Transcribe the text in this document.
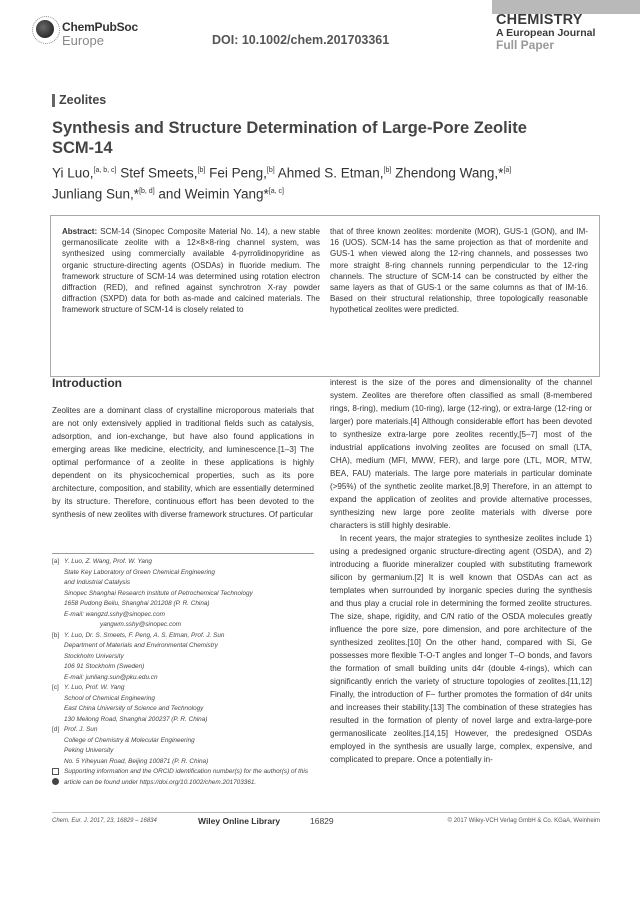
ChemPubSoc
Europe	DOI: 10.1002/chem.201703361
CHEMISTRY
A European Journal
Full Paper
Zeolites
Synthesis and Structure Determination of Large-Pore Zeolite SCM-14
Yi Luo,[a, b, c] Stef Smeets,[b] Fei Peng,[b] Ahmed S. Etman,[b] Zhendong Wang,*[a]
Junliang Sun,*[b, d] and Weimin Yang*[a, c]
Abstract: SCM-14 (Sinopec Composite Material No. 14), a new stable germanosilicate zeolite with a 12×8×8-ring channel system, was synthesized using commercially available 4-pyrrolidinopyridine as organic structure-directing agents (OSDAs) in fluoride medium. The framework structure of SCM-14 was determined using rotation electron diffraction (RED), and refined against synchrotron X-ray powder diffraction (SXPD) data for both as-made and calcined materials. The framework structure of SCM-14 is closely related to
that of three known zeolites: mordenite (MOR), GUS-1 (GON), and IM-16 (UOS). SCM-14 has the same projection as that of mordenite and GUS-1 when viewed along the 12-ring channels, and possesses two more straight 8-ring channels running perpendicular to the 12-ring channels. The structure of SCM-14 can be constructed by either the same layers as that of GUS-1 or the same columns as that of IM-16. Based on their structural relationship, three topologically reasonable hypothetical zeolites were predicted.
Introduction
Zeolites are a dominant class of crystalline microporous materials that are not only extensively applied in traditional fields such as catalysis, adsorption, and ion-exchange, but have also found applications in emerging areas like medicine, electricity, and luminescence.[1–3] The optimal performance of a zeolite in these applications is highly dependent on its physicochemical properties, such as its pore architecture, composition, and stability, which are essentially determined by its structure. Therefore, continuous effort has been devoted to the synthesis of new zeolites with diverse framework structures. Of particular
interest is the size of the pores and dimensionality of the channel system. Zeolites are therefore often classified as small (8-membered rings, 8-ring), medium (10-ring), large (12-ring), or extra-large (12-ring or larger) pore materials.[4] Although considerable effort has been devoted to synthesize extra-large pore zeolites recently,[5–7] most of the industrial applications involving zeolites are focused on small (LTA, CHA), medium (MFI, MWW, FER), and large pore (LTL, MOR, MTW, BEA, FAU) materials. The large pore materials in particular dominate (>95%) of the synthetic zeolite market.[8,9] Therefore, in an attempt to expand the application of zeolites and provide alternative processes, synthesizing new large pore zeolite materials with diverse pore characters is still highly desirable.
In recent years, the major strategies to synthesize zeolites include 1) using a predesigned organic structure-directing agent (OSDA), and 2) introducing a fluoride mineralizer coupled with substituting framework silicon by germanium.[2] It is well known that OSDAs can act as templates when surrounded by inorganic species during the synthesis and thus play a crucial role in determining the formed zeolite structures. The size, shape, rigidity, and C/N ratio of the OSDA molecules greatly influence the pore size, pore dimension, and pore architecture of the synthesized zeolites.[10] On the other hand, compared with Si, Ge possesses more flexible T-O-T angles and longer T–O bonds, and favors the formation of small building units d4r (double 4-rings), which can significantly enrich the variety of structure topologies of zeolites.[11,12] Finally, the introduction of F− further promotes the formation of d4r units and increases their stability.[13] The combination of these strategies has resulted in the formation of plenty of novel large and extra-large-pore germanosilicate zeolites.[14,15] However, the predesigned OSDAs employed in the synthesis are usually large, complex, expensive, and complicated to prepare. Once a potentially in-
[a] Y. Luo, Z. Wang, Prof. W. Yang
State Key Laboratory of Green Chemical Engineering
and Industrial Catalysis
Sinopec Shanghai Research Institute of Petrochemical Technology
1658 Pudong Beilu, Shanghai 201208 (P. R. China)
E-mail: wangzd.sshy@sinopec.com
yangwm.sshy@sinopec.com
[b] Y. Luo, Dr. S. Smeets, F. Peng, A. S. Etman, Prof. J. Sun
Department of Materials and Environmental Chemistry
Stockholm University
106 91 Stockholm (Sweden)
E-mail: junliang.sun@pku.edu.cn
[c] Y. Luo, Prof. W. Yang
School of Chemical Engineering
East China University of Science and Technology
130 Meilong Road, Shanghai 200237 (P. R. China)
[d] Prof. J. Sun
College of Chemistry & Molecular Engineering
Peking University
No. 5 Yiheyuan Road, Beijing 100871 (P. R. China)

Supporting information and the ORCID identification number(s) for the author(s) of this article can be found under https://doi.org/10.1002/chem.201703361.
Chem. Eur. J. 2017, 23, 16829 – 16834	Wiley Online Library	16829	© 2017 Wiley-VCH Verlag GmbH & Co. KGaA, Weinheim
